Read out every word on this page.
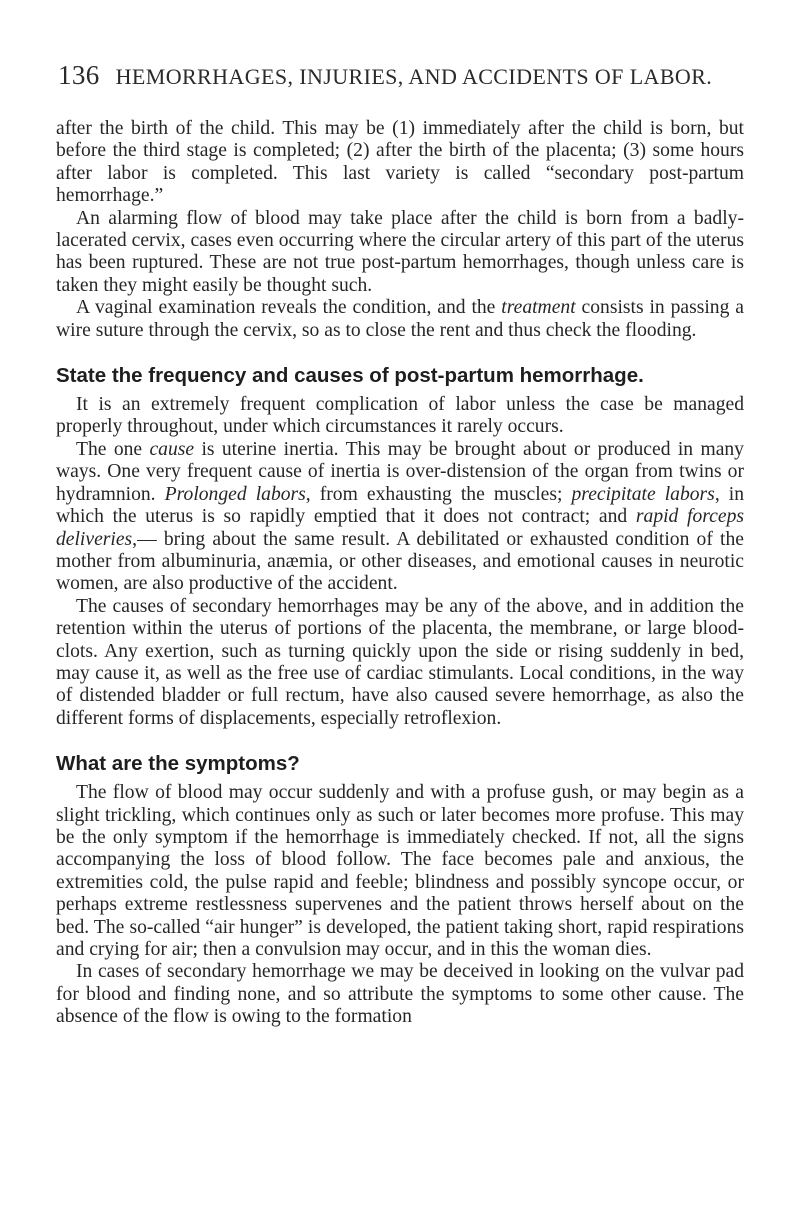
136 HEMORRHAGES, INJURIES, AND ACCIDENTS OF LABOR.

after the birth of the child. This may be (1) immediately after the child is born, but before the third stage is completed; (2) after the birth of the placenta; (3) some hours after labor is completed. This last variety is called “secondary post-partum hemorrhage.”

An alarming flow of blood may take place after the child is born from a badly-lacerated cervix, cases even occurring where the circular artery of this part of the uterus has been ruptured. These are not true post-partum hemorrhages, though unless care is taken they might easily be thought such.

A vaginal examination reveals the condition, and the treatment consists in passing a wire suture through the cervix, so as to close the rent and thus check the flooding.

State the frequency and causes of post-partum hemorrhage.

It is an extremely frequent complication of labor unless the case be managed properly throughout, under which circumstances it rarely occurs.

The one cause is uterine inertia. This may be brought about or produced in many ways. One very frequent cause of inertia is over-distension of the organ from twins or hydramnion. Prolonged labors, from exhausting the muscles; precipitate labors, in which the uterus is so rapidly emptied that it does not contract; and rapid forceps deliveries,— bring about the same result. A debilitated or exhausted condition of the mother from albuminuria, anæmia, or other diseases, and emotional causes in neurotic women, are also productive of the accident.

The causes of secondary hemorrhages may be any of the above, and in addition the retention within the uterus of portions of the placenta, the membrane, or large blood-clots. Any exertion, such as turning quickly upon the side or rising suddenly in bed, may cause it, as well as the free use of cardiac stimulants. Local conditions, in the way of distended bladder or full rectum, have also caused severe hemorrhage, as also the different forms of displacements, especially retroflexion.

What are the symptoms?

The flow of blood may occur suddenly and with a profuse gush, or may begin as a slight trickling, which continues only as such or later becomes more profuse. This may be the only symptom if the hemorrhage is immediately checked. If not, all the signs accompanying the loss of blood follow. The face becomes pale and anxious, the extremities cold, the pulse rapid and feeble; blindness and possibly syncope occur, or perhaps extreme restlessness supervenes and the patient throws herself about on the bed. The so-called “air hunger” is developed, the patient taking short, rapid respirations and crying for air; then a convulsion may occur, and in this the woman dies.

In cases of secondary hemorrhage we may be deceived in looking on the vulvar pad for blood and finding none, and so attribute the symptoms to some other cause. The absence of the flow is owing to the formation
